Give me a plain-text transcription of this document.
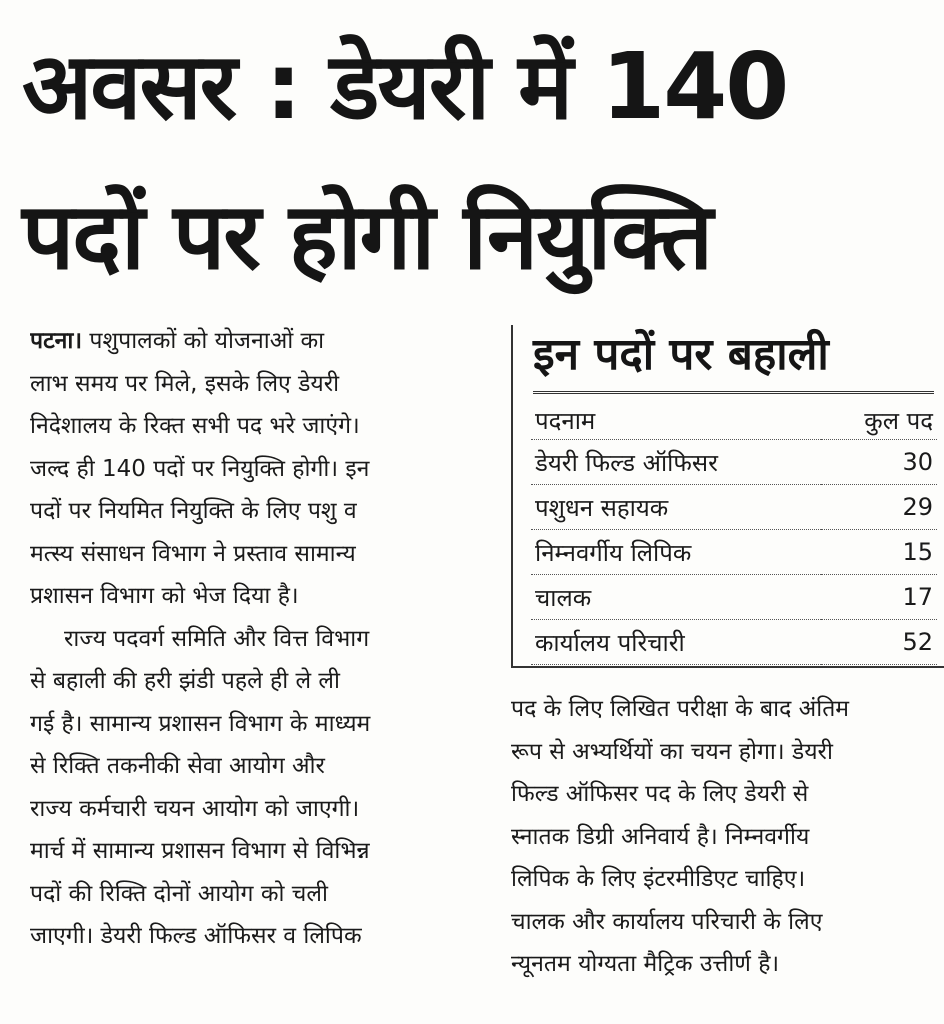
अवसर : डेयरी में 140
पदों पर होगी नियुक्ति
पटना। पशुपालकों को योजनाओं का
लाभ समय पर मिले, इसके लिए डेयरी
निदेशालय के रिक्त सभी पद भरे जाएंगे।
जल्द ही 140 पदों पर नियुक्ति होगी। इन
पदों पर नियमित नियुक्ति के लिए पशु व
मत्स्य संसाधन विभाग ने प्रस्ताव सामान्य
प्रशासन विभाग को भेज दिया है।
राज्य पदवर्ग समिति और वित्त विभाग
से बहाली की हरी झंडी पहले ही ले ली
गई है। सामान्य प्रशासन विभाग के माध्यम
से रिक्ति तकनीकी सेवा आयोग और
राज्य कर्मचारी चयन आयोग को जाएगी।
मार्च में सामान्य प्रशासन विभाग से विभिन्न
पदों की रिक्ति दोनों आयोग को चली
जाएगी। डेयरी फिल्ड ऑफिसर व लिपिक
इन पदों पर बहाली
पदनाम	कुल पद
डेयरी फिल्ड ऑफिसर	30
पशुधन सहायक	29
निम्नवर्गीय लिपिक	15
चालक	17
कार्यालय परिचारी	52
पद के लिए लिखित परीक्षा के बाद अंतिम
रूप से अभ्यर्थियों का चयन होगा। डेयरी
फिल्ड ऑफिसर पद के लिए डेयरी से
स्नातक डिग्री अनिवार्य है। निम्नवर्गीय
लिपिक के लिए इंटरमीडिएट चाहिए।
चालक और कार्यालय परिचारी के लिए
न्यूनतम योग्यता मैट्रिक उत्तीर्ण है।
